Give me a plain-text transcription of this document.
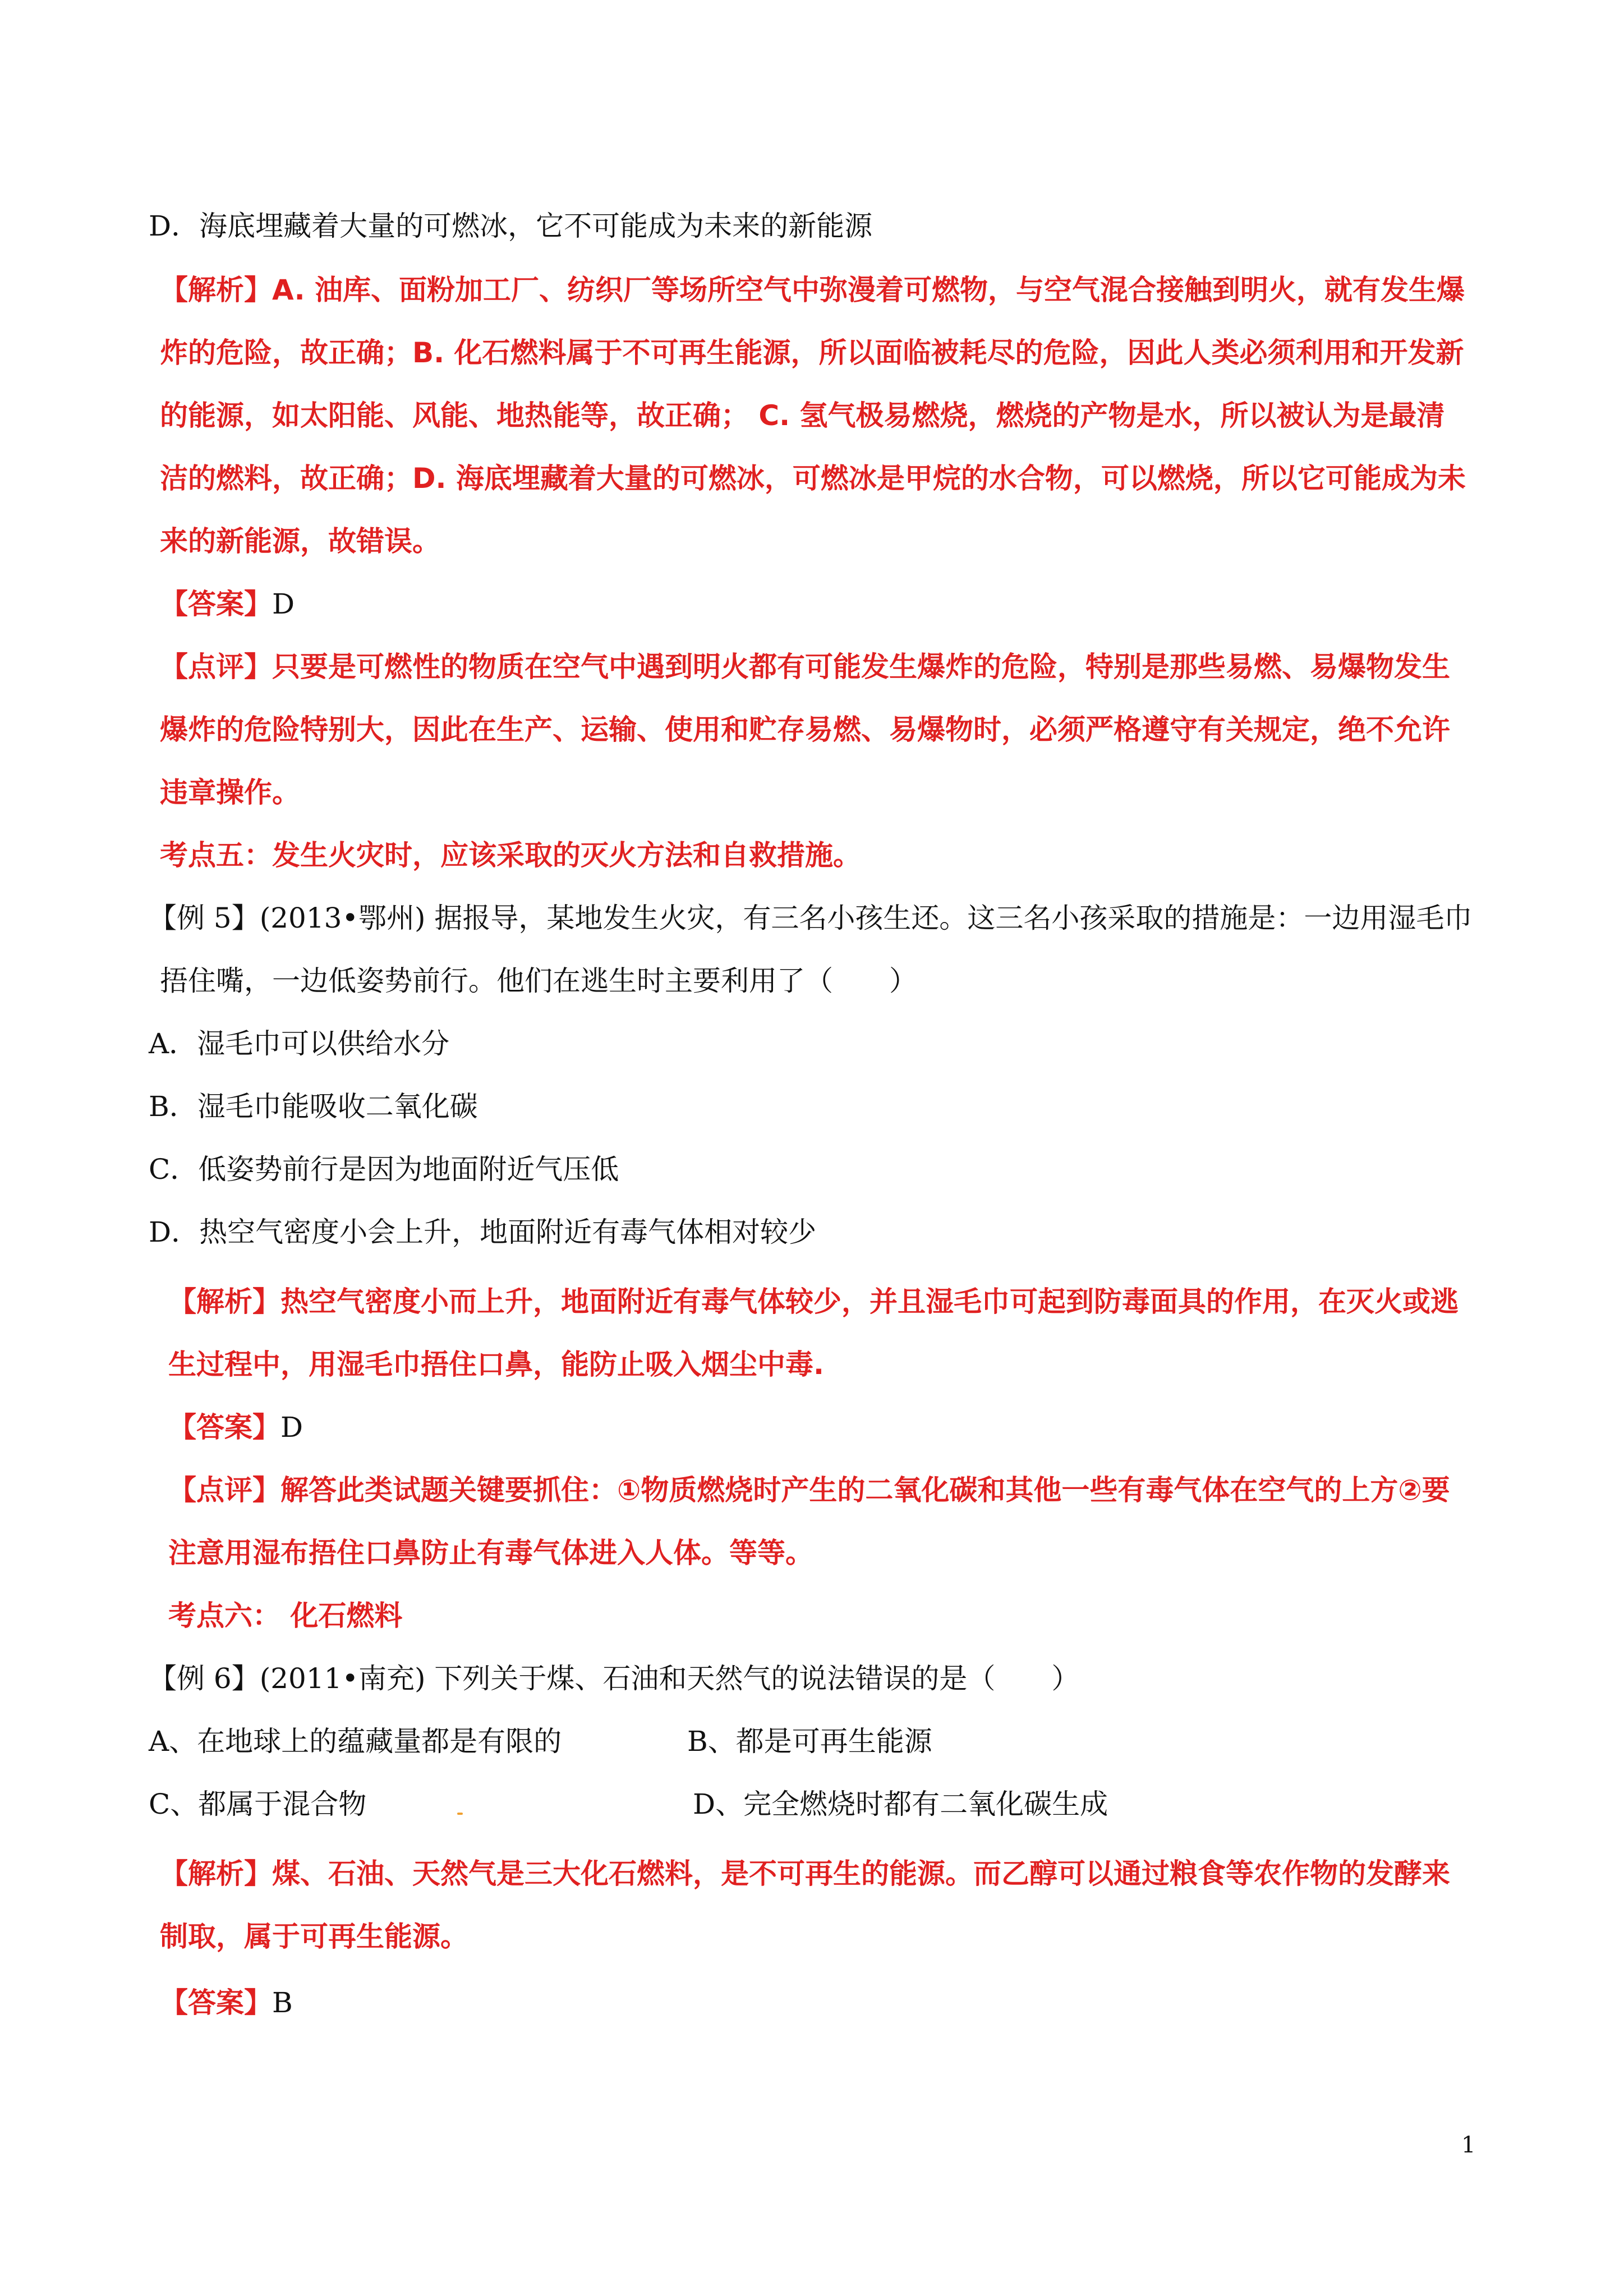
D．海底埋藏着大量的可燃冰，它不可能成为未来的新能源
【解析】A. 油库、面粉加工厂、纺织厂等场所空气中弥漫着可燃物，与空气混合接触到明火，就有发生爆
炸的危险，故正确；B. 化石燃料属于不可再生能源，所以面临被耗尽的危险，因此人类必须利用和开发新
的能源，如太阳能、风能、地热能等，故正确； C. 氢气极易燃烧，燃烧的产物是水，所以被认为是最清
洁的燃料，故正确；D. 海底埋藏着大量的可燃冰，可燃冰是甲烷的水合物，可以燃烧，所以它可能成为未
来的新能源，故错误。
【答案】D
【点评】只要是可燃性的物质在空气中遇到明火都有可能发生爆炸的危险，特别是那些易燃、易爆物发生
爆炸的危险特别大，因此在生产、运输、使用和贮存易燃、易爆物时，必须严格遵守有关规定，绝不允许
违章操作。
考点五：发生火灾时，应该采取的灭火方法和自救措施。
【例 5】(2013•鄂州) 据报导，某地发生火灾，有三名小孩生还。这三名小孩采取的措施是：一边用湿毛巾
捂住嘴，一边低姿势前行。他们在逃生时主要利用了（　　）
A．湿毛巾可以供给水分
B．湿毛巾能吸收二氧化碳
C．低姿势前行是因为地面附近气压低
D．热空气密度小会上升，地面附近有毒气体相对较少
【解析】热空气密度小而上升，地面附近有毒气体较少，并且湿毛巾可起到防毒面具的作用，在灭火或逃
生过程中，用湿毛巾捂住口鼻，能防止吸入烟尘中毒.
【答案】D
【点评】解答此类试题关键要抓住：①物质燃烧时产生的二氧化碳和其他一些有毒气体在空气的上方②要
注意用湿布捂住口鼻防止有毒气体进入人体。等等。
考点六： 化石燃料
【例 6】(2011•南充) 下列关于煤、石油和天然气的说法错误的是（　　）
A、在地球上的蕴藏量都是有限的	B、都是可再生能源
C、都属于混合物	D、完全燃烧时都有二氧化碳生成
【解析】煤、石油、天然气是三大化石燃料，是不可再生的能源。而乙醇可以通过粮食等农作物的发酵来
制取，属于可再生能源。
【答案】B
1
